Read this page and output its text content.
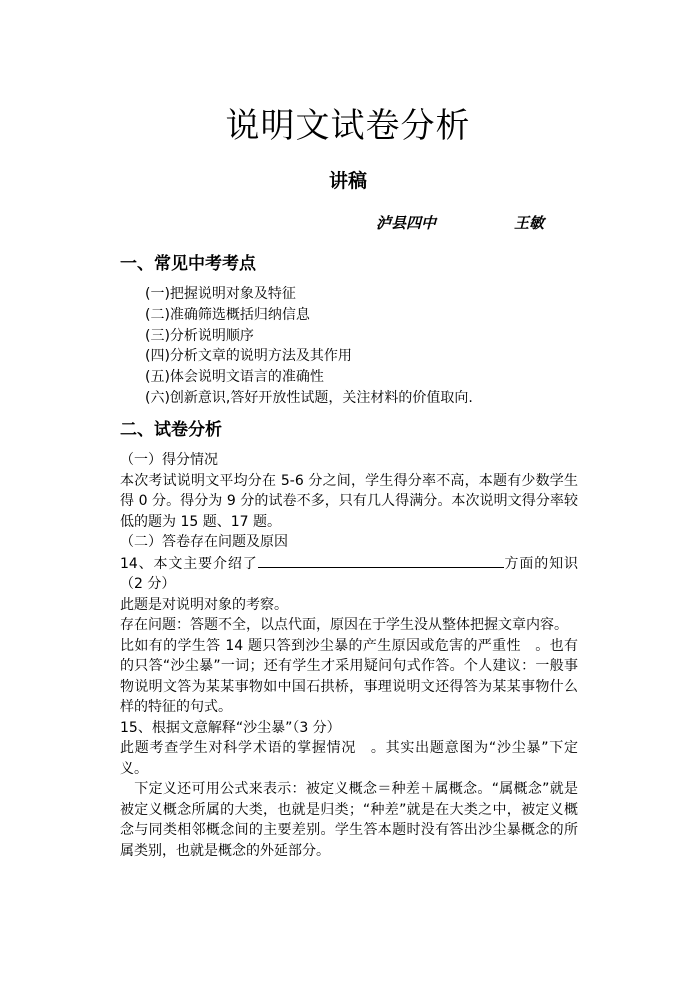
说明文试卷分析
讲稿
泸县四中	王敏
一、常见中考考点
(一)把握说明对象及特征
(二)准确筛选概括归纳信息
(三)分析说明顺序
(四)分析文章的说明方法及其作用
(五)体会说明文语言的准确性
(六)创新意识,答好开放性试题，关注材料的价值取向.
二、试卷分析

（一）得分情况

本次考试说明文平均分在 5-6 分之间，学生得分率不高，本题有少数学生得 0 分。得分为 9 分的试卷不多，只有几人得满分。本次说明文得分率较低的题为 15 题、17 题。

（二）答卷存在问题及原因

14、本文主要介绍了	方面的知识（2 分）

此题是对说明对象的考察。

存在问题：答题不全，以点代面，原因在于学生没从整体把握文章内容。

比如有的学生答 14 题只答到沙尘暴的产生原因或危害的严重性　。也有的只答“沙尘暴”一词；还有学生才采用疑问句式作答。个人建议：一般事物说明文答为某某事物如中国石拱桥，事理说明文还得答为某某事物什么样的特征的句式。

15、根据文意解释“沙尘暴”（3 分）

此题考查学生对科学术语的掌握情况　。其实出题意图为“沙尘暴”下定义。

　下定义还可用公式来表示：被定义概念＝种差＋属概念。“属概念”就是被定义概念所属的大类，也就是归类；“种差”就是在大类之中，被定义概念与同类相邻概念间的主要差别。学生答本题时没有答出沙尘暴概念的所属类别，也就是概念的外延部分。
